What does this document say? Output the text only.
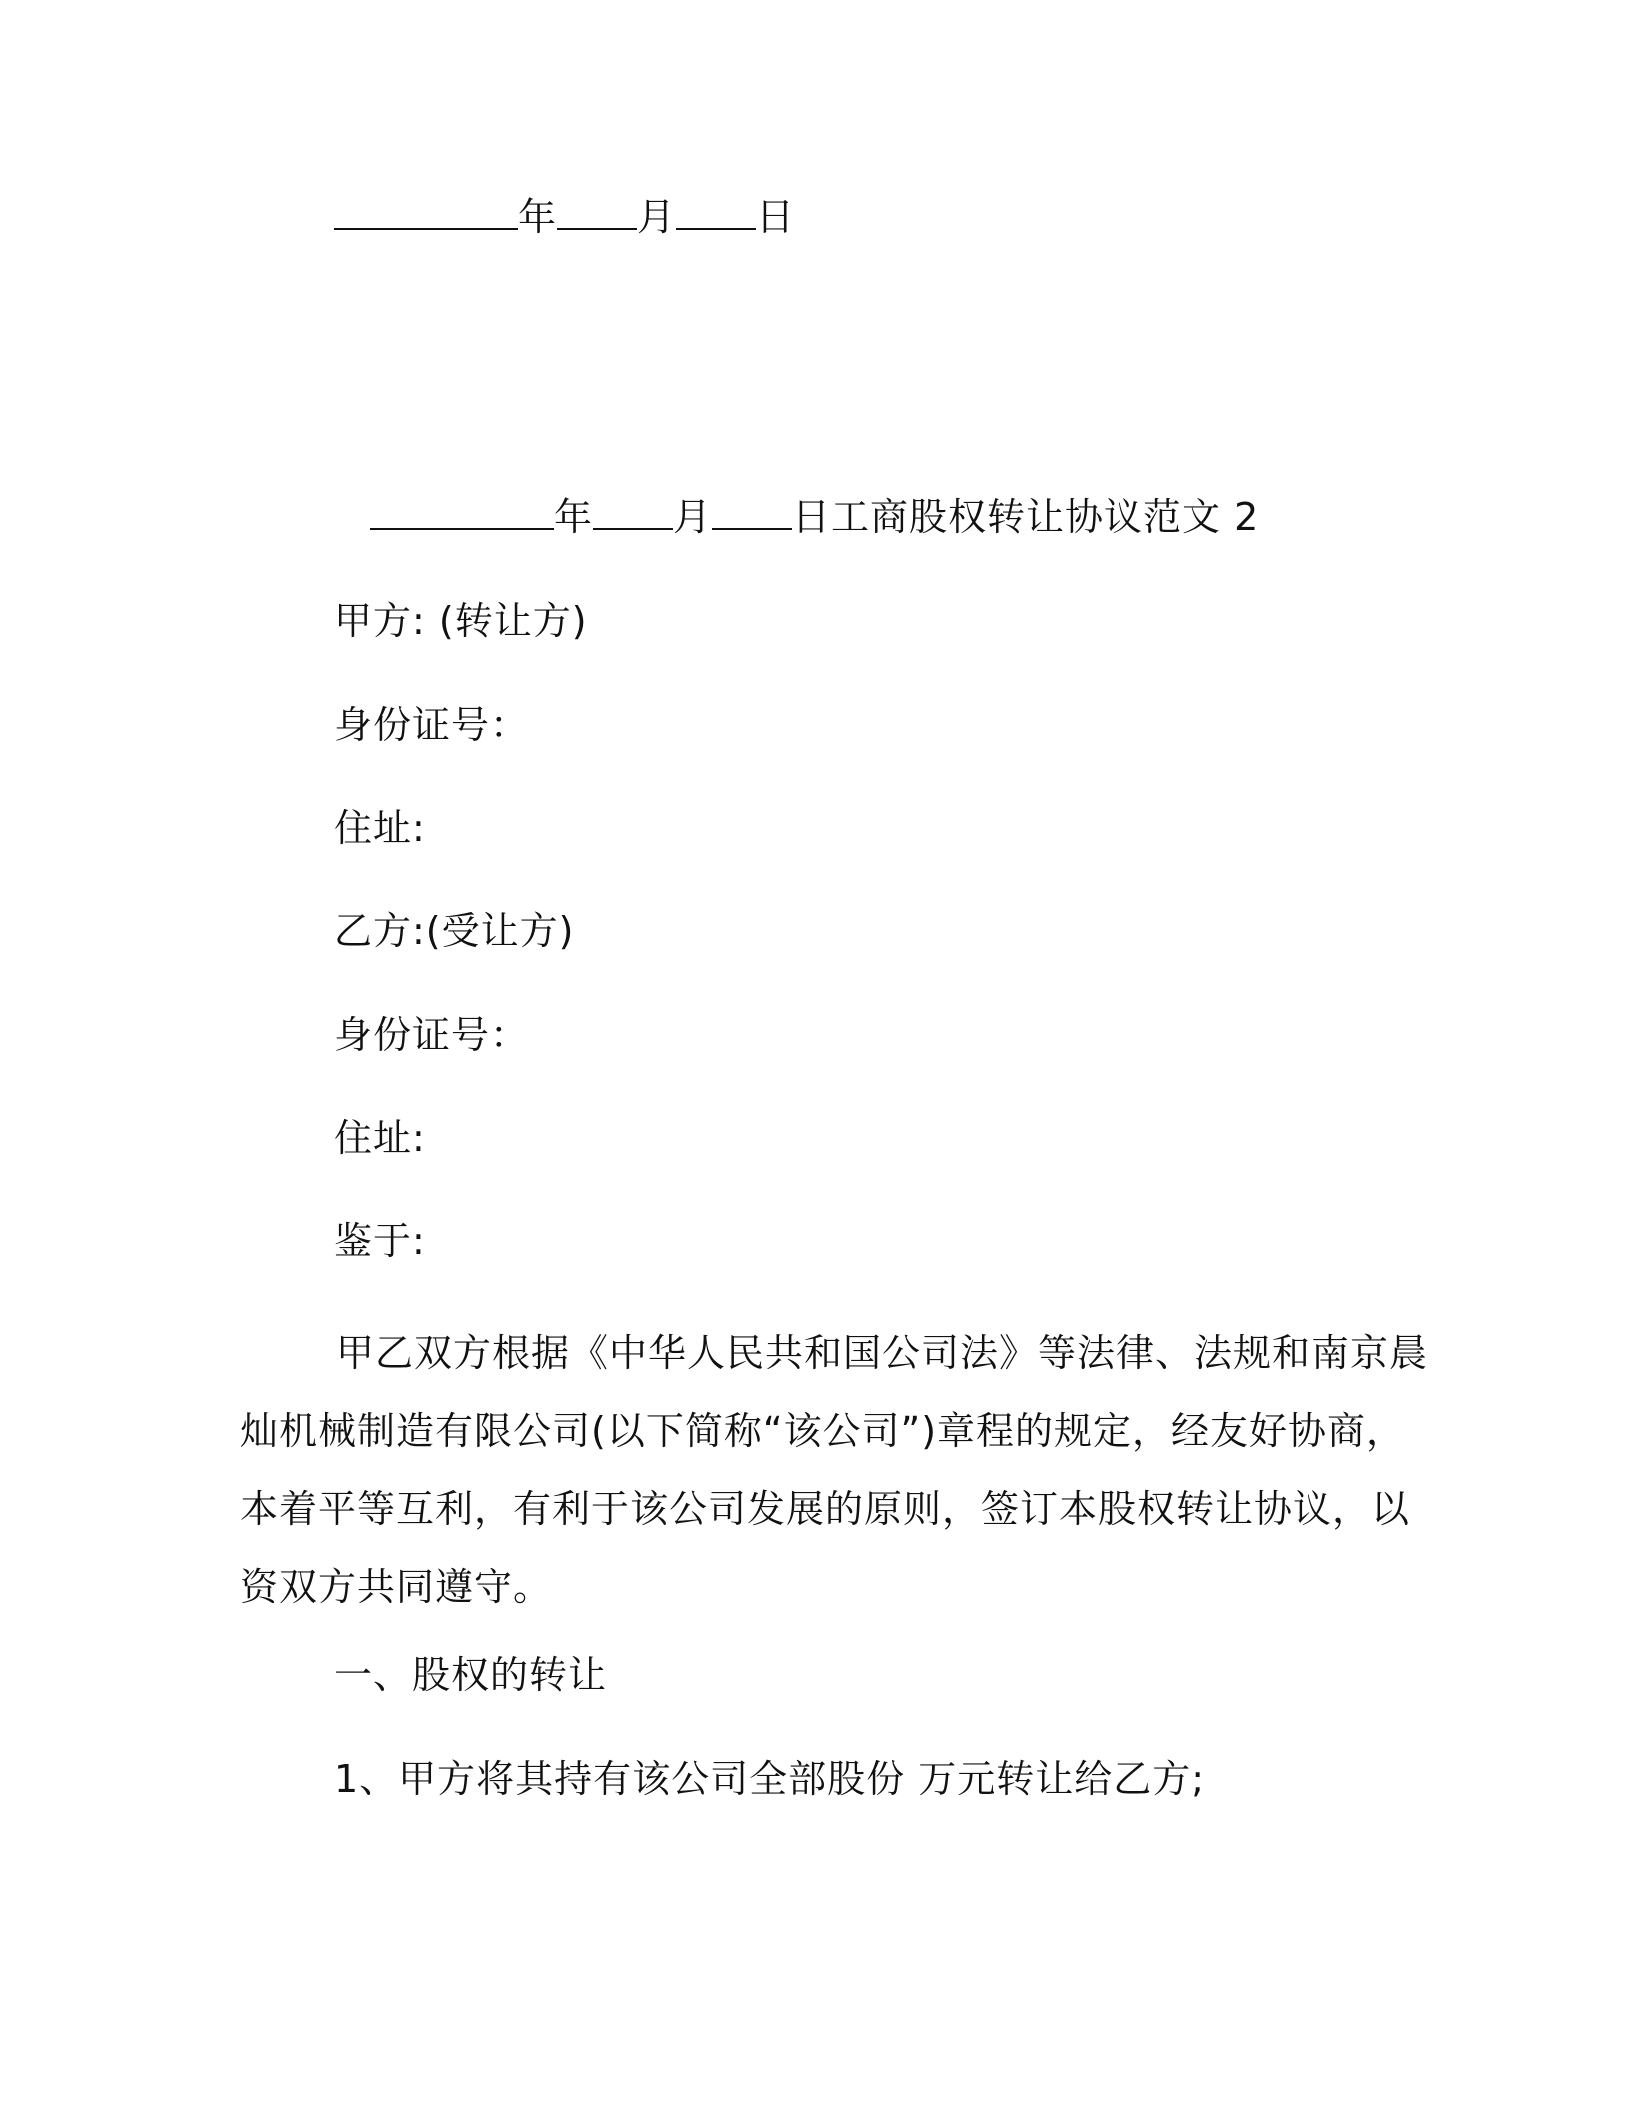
年 月 日
年 月 日工商股权转让协议范文 2
甲方: (转让方)
身份证号：
住址:
乙方:(受让方)
身份证号：
住址:
鉴于:
甲乙双方根据《中华人民共和国公司法》等法律、法规和南京晨
灿机械制造有限公司(以下简称“该公司”)章程的规定，经友好协商，
本着平等互利，有利于该公司发展的原则，签订本股权转让协议，以
资双方共同遵守。
一、股权的转让
1、甲方将其持有该公司全部股份 万元转让给乙方;
